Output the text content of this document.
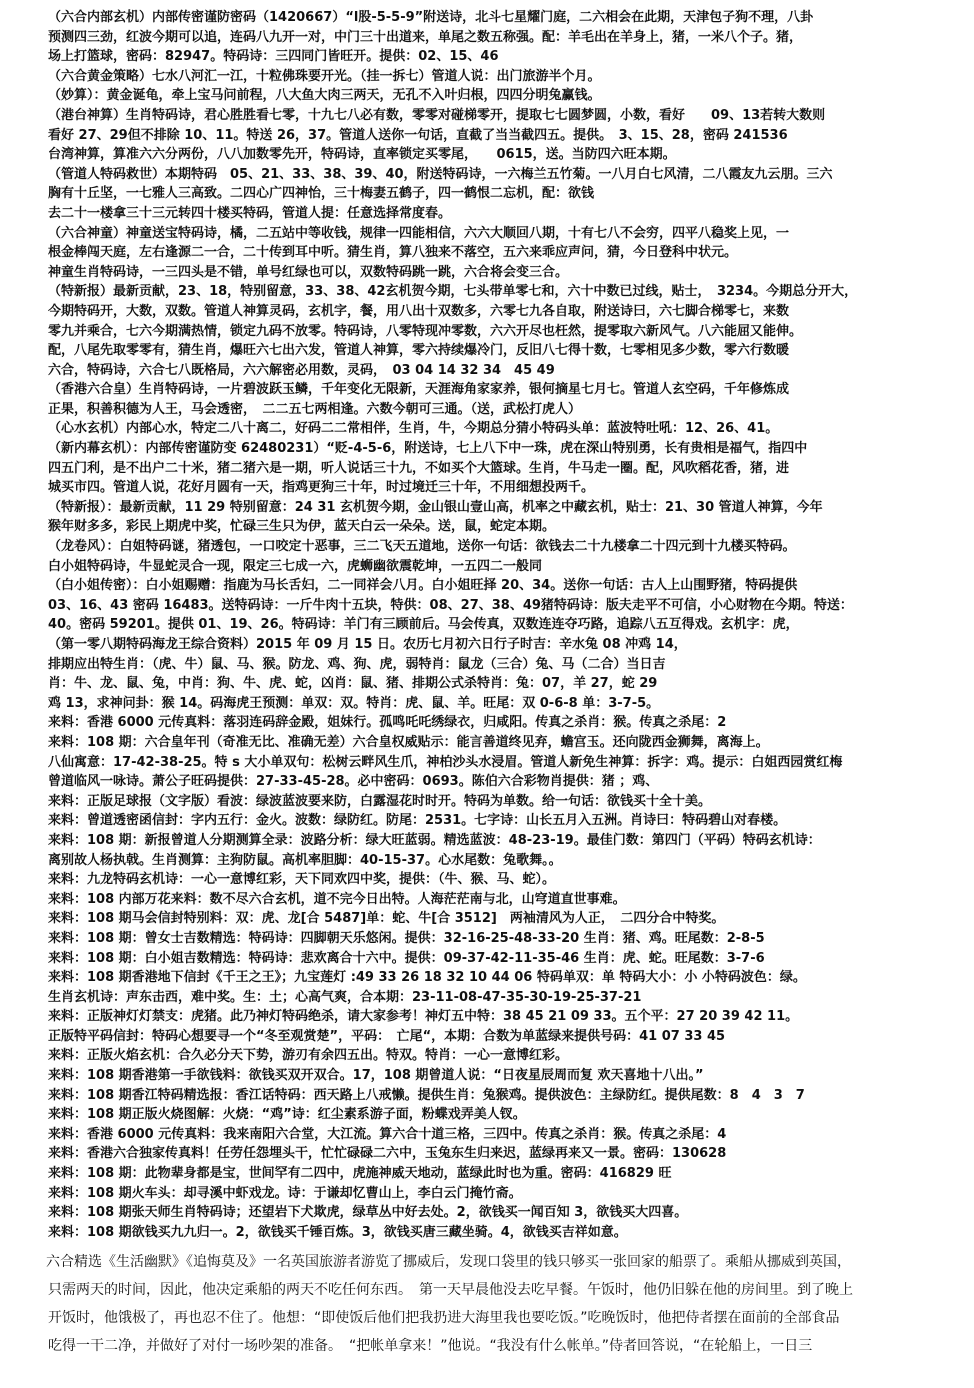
（六合内部玄机）内部传密谨防密码（1420667）“l股-5-5-9”附送诗，北斗七星耀门庭，二六相会在此期，天津包子狗不理，八卦
预测四三劲，红波今期可以追，连码八九开一对，中门三十出道来，单尾之数五称强。配：羊毛出在羊身上，猪，一米八个子。猪，
场上打篮球，密码：82947。特码诗：三四同门皆旺开。提供：02、15、46
（六合黄金策略）七水八河汇一江，十粒佛珠要开光。（挂一拆七）管道人说：出门旅游半个月。
（妙算）：黄金诞龟，牵上宝马问前程，八大鱼大肉三两天，无孔不入叶归根，四四分明兔赢钱。
（港台神算）生肖特码诗，君心胜胜看七零，十九七八必有数，零零对碰梯零开，提取七七圆梦圆，小数，看好　　09、13若转大数则
看好 27、29但不排除 10、11。特送 26，37。管道人送你一句话，直截了当当截四五。提供。　3、15、28，密码 241536
台湾神算，算准六六分两份，八八加数零先开，特码诗，直率锁定买零尾，　　0615，送。当防四六旺本期。
（管道人特码救世）本期特码　05、21、33、38、39、40，附送特码诗，一六梅兰五竹菊。一八月白七风清，二八霞友九云朋。三六
胸有十丘坚，一七雅人三高致。二四心广四神怡，三十梅妻五鹤子，四一鹤恨二忘机，配：欲钱
去二十一楼拿三十三元转四十楼买特码，管道人提：任意选择常度春。
（六合神童）神童送宝特码诗，橘，二五站中等收钱，规律一四能相信，六六大顺回八期，十有七八不会穷，四平八稳奖上见，一
根金棒闯天庭，左右逢源二一合，二十传到耳中听。猜生肖，算八独来不落空，五六来乖应声问，猜，今日登科中状元。
神童生肖特码诗，一三四头是不错，单号红绿也可以，双数特码跳一跳，六合将会变三合。
（特新报）最新贡献，23、18，特别留意，33、38、42玄机贺今期，七头带单零七和，六十中数已过线，贴士，　3234。今期总分开大，
今期特码开，大数，双数。管道人神算灵码，玄机字，餐，用八出十双数多，六零七九各自取，附送诗曰，六七脚合梯零七，来数
零九并乘合，七六今期满热情，锁定九码不放零。特码诗，八零特现冲零数，六六开尽也枉然，提零取六新风气。八六能屈又能伸。
配，八尾先取零零有，猜生肖，爆旺六七出六发，管道人神算，零六持续爆冷门，反旧八七得十数，七零相见多少数，零六行数暖
六合，特码诗，六合七八既格局，六六解密必用数，灵码，　03 04 14 32 34　45 49
（香港六合皇）生肖特码诗，一片碧波跃玉鳞，千年变化无限新，天涯海角家家养，银何摘星七月七。管道人玄空码，千年修炼成
正果，积善积德为人王，马会透密，　二二五七两相逢。六数今朝可三通。（送，武松打虎人）
（心水玄机）内部心水，特定二八十离二，好码二二常相伴，生肖，牛，今期总分猜小特码头单：蓝波特吐吼：12、26、41。
（新内幕玄机）：内部传密谨防变 62480231）“贬-4-5-6，附送诗，七上八下中一珠，虎在深山特别勇，长有贵相是福气，指四中
四五门利，是不出户二十米，猪二猪六是一期，听人说话三十九，不如买个大篮球。生肖，牛马走一圈。配，风吹稻花香，猪，进
城买市四。管道人说，花好月圆有一天，指鸡更狗三十年，时过境迁三十年，不用细想投两千。
（特新报）：最新贡献，11 29 特别留意：24 31 玄机贺今期，金山银山壹山高，机率之中藏玄机，贴士：21、30 管道人神算，今年
猴年财多多，彩民上期虎中奖，忙碌三生只为伊，蓝天白云一朵朵。送，鼠，蛇定本期。
（龙卷风）：白姐特码谜，猪透包，一口咬定十恶事，三二飞天五道地，送你一句话：欲钱去二十九楼拿二十四元到十九楼买特码。
白小姐特码诗，牛显蛇灵合一现，限定三七成一六，虎蛳幽欲震乾坤，一五四二一般同
（白小姐传密）：白小姐赐赠：指鹿为马长舌妇，二一同祥会八月。白小姐旺择 20、34。送你一句话：古人上山围野猪，特码提供
03、16、43 密码 16483。送特码诗：一斤牛肉十五块，特供：08、27、38、49猪特码诗：版夫走平不可信，小心财物在今期。特送：
40。密码 59201。提供 01、19、26。特码诗：羊门有三顾前后。马会传真，双数连连夺巧路，追踪八五互得戏。玄机字：虎，
（第一零八期特码海龙王综合资料）2015 年 09 月 15 日。农历七月初六日行子时吉：辛水兔 08 冲鸡 14，
排期应出特生肖：（虎、牛）鼠、马、猴。防龙、鸡、狗、虎，弱特肖：鼠龙（三合）兔、马（二合）当日吉
肖：牛、龙、鼠、兔，中肖：狗、牛、虎、蛇，凶肖：鼠、猪、排期公式杀特肖：兔：07，羊 27，蛇 29
鸡 13，求神问卦：猴 14。码海虎王预测：单双：双。特肖：虎、鼠、羊。旺尾：双 0-6-8 单：3-7-5。
来料：香港 6000 元传真料：落羽连码辞金殿，姐妹行。孤鸣吒吒绣绿衣，归咸阳。传真之杀肖：猴。传真之杀尾：2
来料：108 期：六合皇年刊（奇准无比、准确无差）六合皇权威贴示：能言善道终见弃，蟾宫玉。还向陇西金狮舞，离海上。
八仙寓意：17-42-38-25。特 s 大小单双句：松树云畔风生爪，神柏沙头水浸眉。管道人新免生神算：拆字：鸡。提示：白姐西园赏红梅
曾道临风一咏诗。萧公子旺码提供：27-33-45-28。必中密码：0693。陈伯六合彩物肖提供：猪 ；鸡、
来料：正版足球报（文字版）看波：绿波蓝波要来防，白露湿花时时开。特码为单数。给一句话：欲钱买十全十美。
来料：曾道透密函信封：字内五行：金火。波数：绿防红。防尾：2531。七字诗：山长五月入五洲。肖诗曰：特码碧山对春楼。
来料：108 期：新报曾道人分期测算全录：波路分析：绿大旺蓝弱。精选蓝波：48-23-19。最佳门数：第四门（平码）特码玄机诗：
离别故人杨执戟。生肖测算：主狗防鼠。高机率胆脚：40-15-37。心水尾数：兔歌舞。。
来料：九龙特码玄机诗：一心一意博红彩，天下同欢四中奖，提供：（牛、猴、马、蛇）。
来料：108 内部万花来料：数不尽六合玄机，道不完今日出特。人海茫茫南与北，山穹道直世事难。
来料：108 期马会信封特别料：双：虎、龙[合 5487]单：蛇、牛[合 3512]　两袖清风为人正，　二四分合中特奖。
来料：108 期：曾女士吉数精选：特码诗：四脚朝天乐悠闲。提供：32-16-25-48-33-20 生肖：猪、鸡。旺尾数：2-8-5
来料：108 期：白小姐吉数精选：特码诗：悲欢离合十六中。提供：09-37-42-11-35-46 生肖：虎、蛇。旺尾数：3-7-6
来料：108 期香港地下信封《千王之王》；九宝莲灯 :49 33 26 18 32 10 44 06 特码单双：单 特码大小：小 小特码波色：绿。
生肖玄机诗：声东击西，难中奖。生：土；心高气爽，合本期：23-11-08-47-35-30-19-25-37-21
来料：正版神灯灯禁支：虎猪。此乃神灯特码绝杀，请大家参考！神灯五中特：38 45 21 09 33。五个平：27 20 39 42 11。
正版特平码信封：特码心想要寻一个“冬至观赏楚”，平码：　亡尾“，本期：合数为单蓝绿来提供号码：41 07 33 45
来料：正版火焰玄机：合久必分天下势，游刃有余四五出。特双。特肖：一心一意博红彩。
来料：108 期香港第一手欲钱料：欲钱买双开双合。17，108 期曾道人说：“日夜星辰周而复 欢天喜地十八出。”
来料：108 期香江特码精选报：香江话特码：西天路上八戒懒。提供生肖：兔猴鸡。提供波色：主绿防红。提供尾数：8　4　3　7
来料：108 期正版火烧图解：火烧：“鸡”诗：红尘素系游子面，粉蝶戏弄美人钗。
来料：香港 6000 元传真料：我来南阳六合堂，大江流。算六合十道三格，三四中。传真之杀肖：猴。传真之杀尾：4
来料：香港六合独家传真料！任劳任怨埋头干，忙忙碌碌二六中，玉兔东生归来迟，蓝绿再来又一景。密码：130628
来料：108 期：此物辈身都是宝，世间罕有二四中，虎施神威天地动，蓝绿此时也为重。密码：416829 旺
来料：108 期火车头：却寻溪中虾戏龙。诗：于谦却忆曹山上，李白云门掩竹斋。
来料：108 期张天师生肖特码诗；还望岩下犬欺虎，绿草丛中好去处。2，欲钱买一闻百知 3，欲钱买大四喜。
来料：108 期欲钱买九九归一。2，欲钱买千锤百炼。3，欲钱买唐三藏坐骑。4，欲钱买吉祥如意。
六合精选《生活幽默》《追悔莫及》一名英国旅游者游览了挪威后，发现口袋里的钱只够买一张回家的船票了。乘船从挪威到英国，
只需两天的时间，因此，他决定乘船的两天不吃任何东西。　第一天早晨他没去吃早餐。午饭时，他仍旧躲在他的房间里。到了晚上
开饭时，他饿极了，再也忍不住了。他想：“即使饭后他们把我扔进大海里我也要吃饭。”吃晚饭时，他把侍者摆在面前的全部食品
吃得一干二净，并做好了对付一场吵架的准备。　“把帐单拿来！”他说。“我没有什么帐单。”侍者回答说，“在轮船上，一日三
